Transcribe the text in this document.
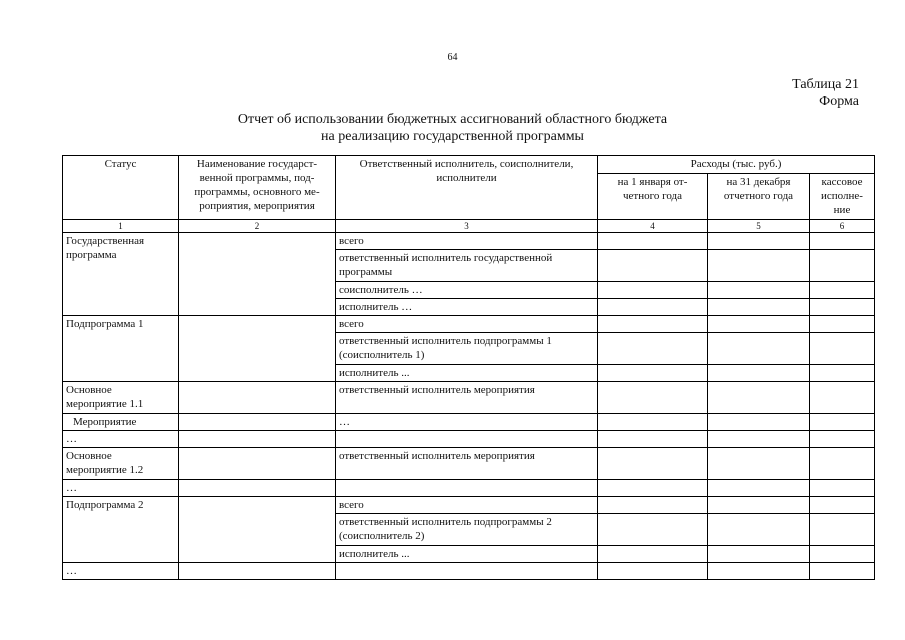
64
Таблица 21
Форма
Отчет об использовании бюджетных ассигнований областного бюджета
на реализацию государственной программы
Статус	Наименование государст-венной программы, под-программы, основного ме-роприятия, мероприятия	Ответственный исполнитель, соисполнители, исполнители	Расходы (тыс. руб.)		
			на 1 января от-четного года	на 31 декабря отчетного года	кассовое исполне-ние
1	2	3	4	5	6
Государственная программа		всего			
		ответственный исполнитель государственной программы			
		соисполнитель …			
		исполнитель …			
Подпрограмма 1		всего			
		ответственный исполнитель подпрограммы 1 (соисполнитель 1)			
		исполнитель ...			
Основное мероприятие 1.1		ответственный исполнитель мероприятия			
Мероприятие		…			
…					
Основное мероприятие 1.2		ответственный исполнитель мероприятия			
…					
Подпрограмма 2		всего			
		ответственный исполнитель подпрограммы 2 (соисполнитель 2)			
		исполнитель ...			
…					
